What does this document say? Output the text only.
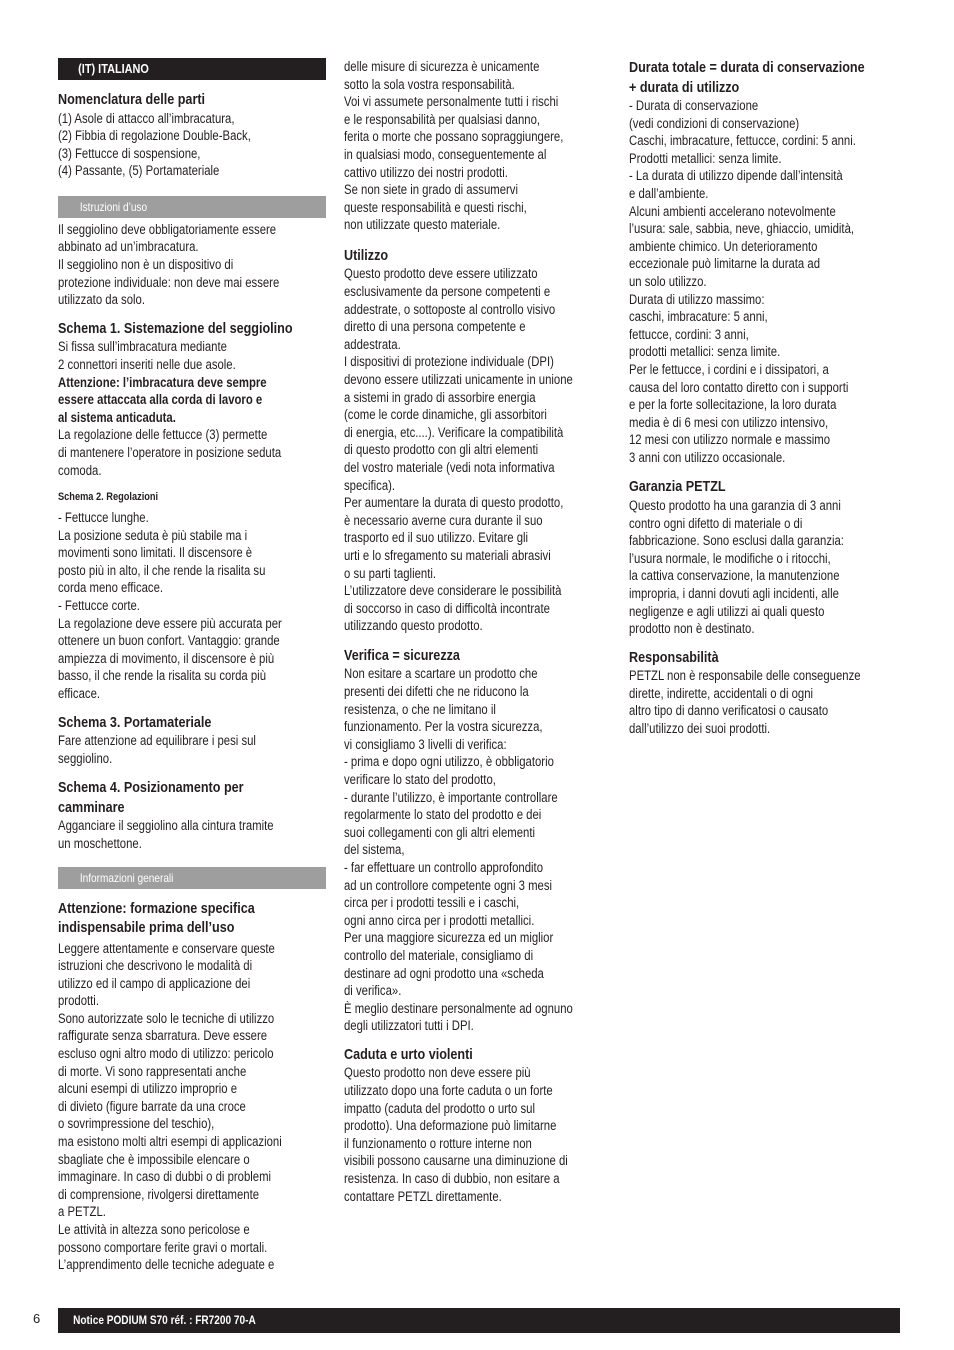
(IT) ITALIANO

Nomenclatura delle parti

(1) Asole di attacco all’imbracatura,
(2) Fibbia di regolazione Double-Back,
(3) Fettucce di sospensione,
(4) Passante, (5) Portamateriale

Istruzioni d’uso

Il seggiolino deve obbligatoriamente essere
abbinato ad un’imbracatura.
Il seggiolino non è un dispositivo di
protezione individuale: non deve mai essere
utilizzato da solo.

Schema 1. Sistemazione del seggiolino

Si fissa sull’imbracatura mediante
2 connettori inseriti nelle due asole.

Attenzione: l’imbracatura deve sempre
essere attaccata alla corda di lavoro e
al sistema anticaduta.

La regolazione delle fettucce (3) permette
di mantenere l’operatore in posizione seduta
comoda.

Schema 2. Regolazioni

- Fettucce lunghe.
La posizione seduta è più stabile ma i
movimenti sono limitati. Il discensore è
posto più in alto, il che rende la risalita su
corda meno efficace.
- Fettucce corte.
La regolazione deve essere più accurata per
ottenere un buon confort. Vantaggio: grande
ampiezza di movimento, il discensore è più
basso, il che rende la risalita su corda più
efficace.

Schema 3. Portamateriale

Fare attenzione ad equilibrare i pesi sul
seggiolino.

Schema 4. Posizionamento per
camminare

Agganciare il seggiolino alla cintura tramite
un moschettone.

Informazioni generali

Attenzione: formazione specifica
indispensabile prima dell’uso

Leggere attentamente e conservare queste
istruzioni che descrivono le modalità di
utilizzo ed il campo di applicazione dei
prodotti.
Sono autorizzate solo le tecniche di utilizzo
raffigurate senza sbarratura. Deve essere
escluso ogni altro modo di utilizzo: pericolo
di morte. Vi sono rappresentati anche
alcuni esempi di utilizzo improprio e
di divieto (figure barrate da una croce
o sovrimpressione del teschio),
ma esistono molti altri esempi di applicazioni
sbagliate che è impossibile elencare o
immaginare. In caso di dubbi o di problemi
di comprensione, rivolgersi direttamente
a PETZL.
Le attività in altezza sono pericolose e
possono comportare ferite gravi o mortali.
L’apprendimento delle tecniche adeguate e

delle misure di sicurezza è unicamente
sotto la sola vostra responsabilità.
Voi vi assumete personalmente tutti i rischi
e le responsabilità per qualsiasi danno,
ferita o morte che possano sopraggiungere,
in qualsiasi modo, conseguentemente al
cattivo utilizzo dei nostri prodotti.
Se non siete in grado di assumervi
queste responsabilità e questi rischi,
non utilizzate questo materiale.

Utilizzo

Questo prodotto deve essere utilizzato
esclusivamente da persone competenti e
addestrate, o sottoposte al controllo visivo
diretto di una persona competente e
addestrata.
I dispositivi di protezione individuale (DPI)
devono essere utilizzati unicamente in unione
a sistemi in grado di assorbire energia
(come le corde dinamiche, gli assorbitori
di energia, etc....). Verificare la compatibilità
di questo prodotto con gli altri elementi
del vostro materiale (vedi nota informativa
specifica).
Per aumentare la durata di questo prodotto,
è necessario averne cura durante il suo
trasporto ed il suo utilizzo. Evitare gli
urti e lo sfregamento su materiali abrasivi
o su parti taglienti.
L’utilizzatore deve considerare le possibilità
di soccorso in caso di difficoltà incontrate
utilizzando questo prodotto.

Verifica = sicurezza

Non esitare a scartare un prodotto che
presenti dei difetti che ne riducono la
resistenza, o che ne limitano il
funzionamento. Per la vostra sicurezza,
vi consigliamo 3 livelli di verifica:
- prima e dopo ogni utilizzo, è obbligatorio
verificare lo stato del prodotto,
- durante l’utilizzo, è importante controllare
regolarmente lo stato del prodotto e dei
suoi collegamenti con gli altri elementi
del sistema,
- far effettuare un controllo approfondito
ad un controllore competente ogni 3 mesi
circa per i prodotti tessili e i caschi,
ogni anno circa per i prodotti metallici.
Per una maggiore sicurezza ed un miglior
controllo del materiale, consigliamo di
destinare ad ogni prodotto una «scheda
di verifica».
È meglio destinare personalmente ad ognuno
degli utilizzatori tutti i DPI.

Caduta e urto violenti

Questo prodotto non deve essere più
utilizzato dopo una forte caduta o un forte
impatto (caduta del prodotto o urto sul
prodotto). Una deformazione può limitarne
il funzionamento o rotture interne non
visibili possono causarne una diminuzione di
resistenza. In caso di dubbio, non esitare a
contattare PETZL direttamente.

Durata totale = durata di conservazione
+ durata di utilizzo

- Durata di conservazione
(vedi condizioni di conservazione)
Caschi, imbracature, fettucce, cordini: 5 anni.
Prodotti metallici: senza limite.
- La durata di utilizzo dipende dall’intensità
e dall’ambiente.
Alcuni ambienti accelerano notevolmente
l’usura: sale, sabbia, neve, ghiaccio, umidità,
ambiente chimico. Un deterioramento
eccezionale può limitarne la durata ad
un solo utilizzo.
Durata di utilizzo massimo:
caschi, imbracature: 5 anni,
fettucce, cordini: 3 anni,
prodotti metallici: senza limite.
Per le fettucce, i cordini e i dissipatori, a
causa del loro contatto diretto con i supporti
e per la forte sollecitazione, la loro durata
media è di 6 mesi con utilizzo intensivo,
12 mesi con utilizzo normale e massimo
3 anni con utilizzo occasionale.

Garanzia PETZL

Questo prodotto ha una garanzia di 3 anni
contro ogni difetto di materiale o di
fabbricazione. Sono esclusi dalla garanzia:
l’usura normale, le modifiche o i ritocchi,
la cattiva conservazione, la manutenzione
impropria, i danni dovuti agli incidenti, alle
negligenze e agli utilizzi ai quali questo
prodotto non è destinato.

Responsabilità

PETZL non è responsabile delle conseguenze
dirette, indirette, accidentali o di ogni
altro tipo di danno verificatosi o causato
dall’utilizzo dei suoi prodotti.

6	Notice PODIUM S70 réf. : FR7200 70-A
